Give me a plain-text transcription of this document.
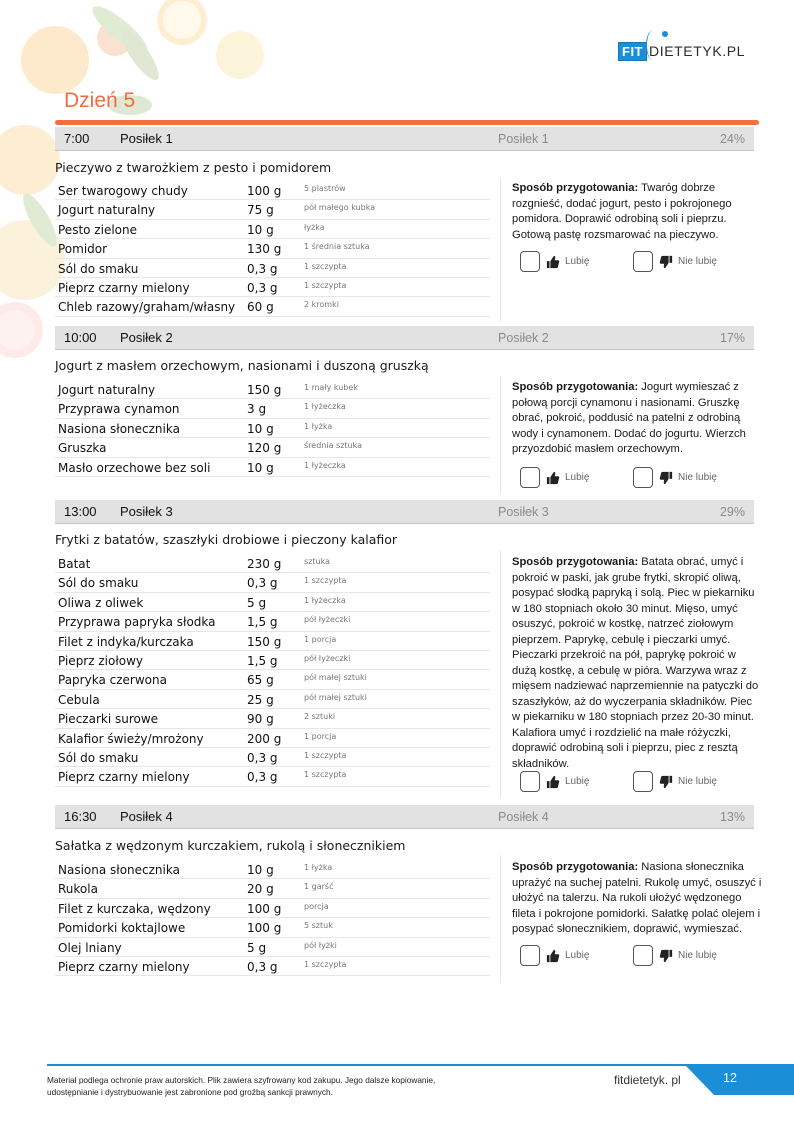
FIT DIETETYK.PL
Dzień 5
7:00 Posiłek 1	Posiłek 1	24%
Pieczywo z twarożkiem z pesto i pomidorem
Ser twarogowy chudy	100 g	5 plastrów
Jogurt naturalny	75 g	pół małego kubka
Pesto zielone	10 g	łyżka
Pomidor	130 g	1 średnia sztuka
Sól do smaku	0,3 g	1 szczypta
Pieprz czarny mielony	0,3 g	1 szczypta
Chleb razowy/graham/własny 60 g	2 kromki
Sposób przygotowania: Twaróg dobrze rozgnieść, dodać jogurt, pesto i pokrojonego pomidora. Doprawić odrobiną soli i pieprzu. Gotową pastę rozsmarować na pieczywo.
Lubię	Nie lubię
10:00 Posiłek 2	Posiłek 2	17%
Jogurt z masłem orzechowym, nasionami i duszoną gruszką
Jogurt naturalny	150 g	1 mały kubek
Przyprawa cynamon	3 g	1 łyżeczka
Nasiona słonecznika	10 g	1 łyżka
Gruszka	120 g	średnia sztuka
Masło orzechowe bez soli	10 g	1 łyżeczka
Sposób przygotowania: Jogurt wymieszać z połową porcji cynamonu i nasionami. Gruszkę obrać, pokroić, poddusić na patelni z odrobiną wody i cynamonem. Dodać do jogurtu. Wierzch przyozdobić masłem orzechowym.
Lubię	Nie lubię
13:00 Posiłek 3	Posiłek 3	29%
Frytki z batatów, szaszłyki drobiowe i pieczony kalafior
Batat	230 g	sztuka
Sól do smaku	0,3 g	1 szczypta
Oliwa z oliwek	5 g	1 łyżeczka
Przyprawa papryka słodka	1,5 g	pół łyżeczki
Filet z indyka/kurczaka	150 g	1 porcja
Pieprz ziołowy	1,5 g	pół łyżeczki
Papryka czerwona	65 g	pół małej sztuki
Cebula	25 g	pół małej sztuki
Pieczarki surowe	90 g	2 sztuki
Kalafior świeży/mrożony	200 g	1 porcja
Sól do smaku	0,3 g	1 szczypta
Pieprz czarny mielony	0,3 g	1 szczypta
Sposób przygotowania: Batata obrać, umyć i pokroić w paski, jak grube frytki, skropić oliwą, posypać słodką papryką i solą. Piec w piekarniku w 180 stopniach około 30 minut. Mięso, umyć osuszyć, pokroić w kostkę, natrzeć ziołowym pieprzem. Paprykę, cebulę i pieczarki umyć. Pieczarki przekroić na pół, paprykę pokroić w dużą kostkę, a cebulę w pióra. Warzywa wraz z mięsem nadziewać naprzemiennie na patyczki do szaszłyków, aż do wyczerpania składników. Piec w piekarniku w 180 stopniach przez 20-30 minut. Kalafiora umyć i rozdzielić na małe różyczki, doprawić odrobiną soli i pieprzu, piec z resztą składników.
Lubię	Nie lubię
16:30 Posiłek 4	Posiłek 4	13%
Sałatka z wędzonym kurczakiem, rukolą i słonecznikiem
Nasiona słonecznika	10 g	1 łyżka
Rukola	20 g	1 garść
Filet z kurczaka, wędzony	100 g	porcja
Pomidorki koktajlowe	100 g	5 sztuk
Olej lniany	5 g	pół łyżki
Pieprz czarny mielony	0,3 g	1 szczypta
Sposób przygotowania: Nasiona słonecznika uprażyć na suchej patelni. Rukolę umyć, osuszyć i ułożyć na talerzu. Na rukoli ułożyć wędzonego fileta i pokrojone pomidorki. Sałatkę polać olejem i posypać słonecznikiem, doprawić, wymieszać.
Lubię	Nie lubię
Materiał podlega ochronie praw autorskich. Plik zawiera szyfrowany kod zakupu. Jego dalsze kopiowanie, udostępnianie i dystrybuowanie jest zabronione pod groźbą sankcji prawnych.
fitdietetyk. pl	12
